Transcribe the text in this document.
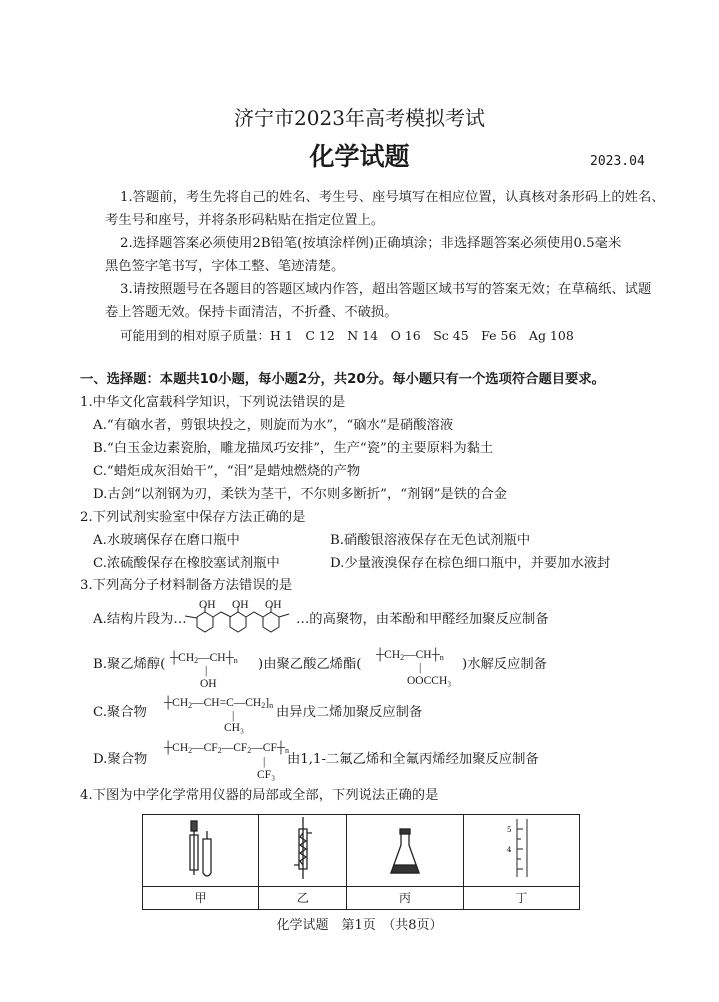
济宁市2023年高考模拟考试
化学试题	2023.04
1.答题前，考生先将自己的姓名、考生号、座号填写在相应位置，认真核对条形码上的姓名、
考生号和座号，并将条形码粘贴在指定位置上。
2.选择题答案必须使用2B铅笔(按填涂样例)正确填涂；非选择题答案必须使用0.5毫米
黑色签字笔书写，字体工整、笔迹清楚。
3.请按照题号在各题目的答题区域内作答，超出答题区域书写的答案无效；在草稿纸、试题
卷上答题无效。保持卡面清洁，不折叠、不破损。
可能用到的相对原子质量：H 1　C 12　N 14　O 16　Sc 45　Fe 56　Ag 108
一、选择题：本题共10小题，每小题2分，共20分。每小题只有一个选项符合题目要求。
1.中华文化富载科学知识，下列说法错误的是
A.“有硇水者，剪银块投之，则旋而为水”，“硇水”是硝酸溶液
B.“白玉金边素瓷胎，雕龙描凤巧安排”，生产“瓷”的主要原料为黏土
C.“蜡炬成灰泪始干”，“泪”是蜡烛燃烧的产物
D.古剑“以剂钢为刃，柔铁为茎干，不尔则多断折”，“剂钢”是铁的合金
2.下列试剂实验室中保存方法正确的是
A.水玻璃保存在磨口瓶中	B.硝酸银溶液保存在无色试剂瓶中
C.浓硫酸保存在橡胶塞试剂瓶中	D.少量液溴保存在棕色细口瓶中，并要加水液封
3.下列高分子材料制备方法错误的是
A.结构片段为…
OH OH OH
…的高聚物，由苯酚和甲醛经加聚反应制备
B.聚乙烯醇( $┼CH_2—CH┼_n$
|
OH
)由聚乙酸乙烯酯(
$┼CH_2—CH┼_n$
|
OOCCH₃
)水解反应制备
C.聚合物
$┼CH_2—CH=C—CH_2]_n$
|
CH₃
由异戊二烯加聚反应制备
D.聚合物
$┼CH_2—CF_2—CF_2—CF┼_n$
|
CF₃
由1,1-二氟乙烯和全氟丙烯经加聚反应制备
4.下图为中学化学常用仪器的局部或全部，下列说法正确的是

5
4

甲	乙	丙	丁
化学试题　第1页　（共8页）
